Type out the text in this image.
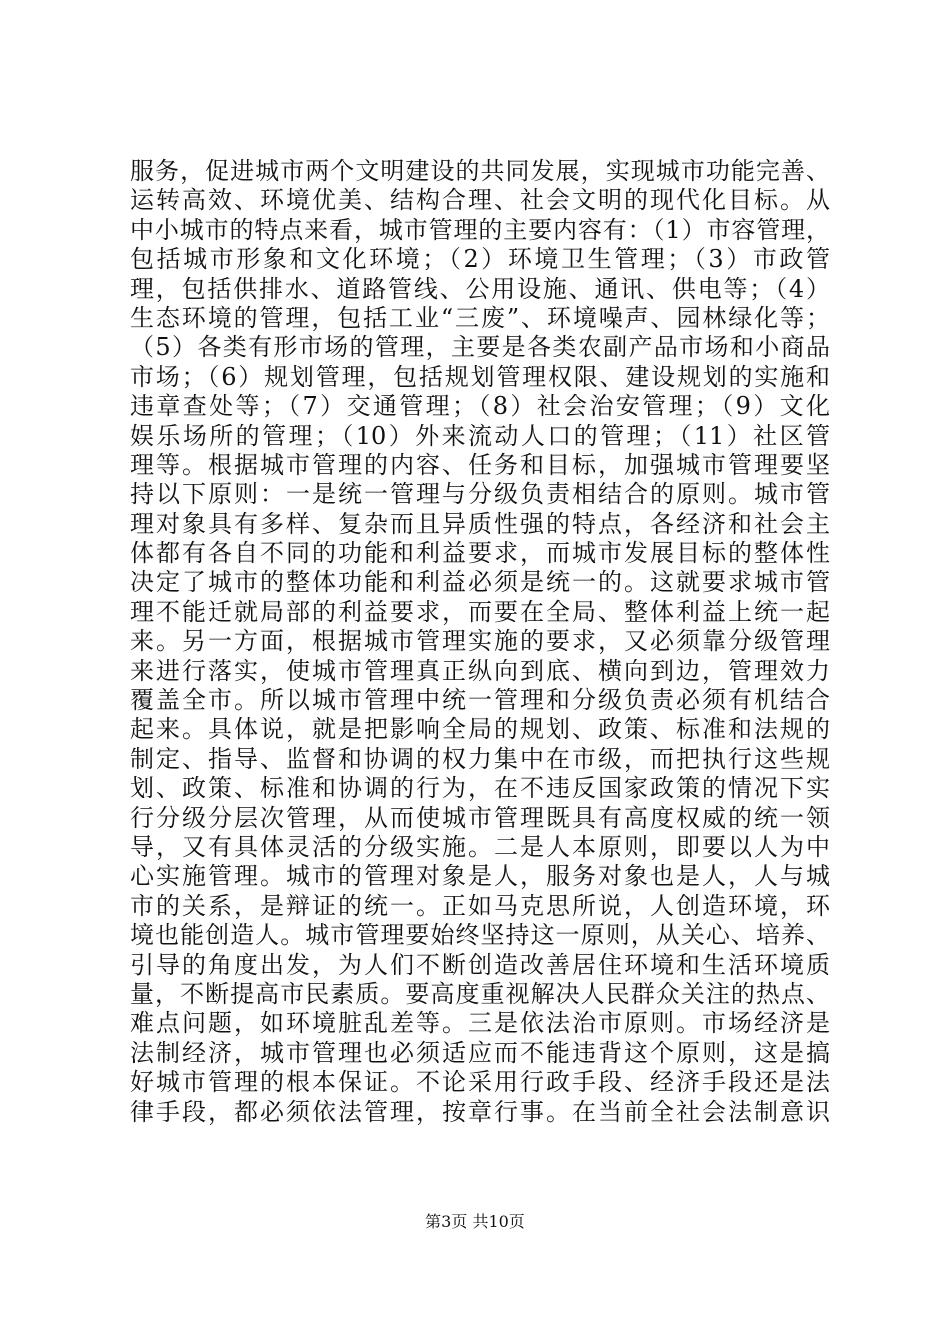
服务，促进城市两个文明建设的共同发展，实现城市功能完善、
运转高效、环境优美、结构合理、社会文明的现代化目标。从
中小城市的特点来看，城市管理的主要内容有：（1）市容管理，
包括城市形象和文化环境；（2）环境卫生管理；（3）市政管
理，包括供排水、道路管线、公用设施、通讯、供电等；（4）
生态环境的管理，包括工业“三废”、环境噪声、园林绿化等；
（5）各类有形市场的管理，主要是各类农副产品市场和小商品
市场；（6）规划管理，包括规划管理权限、建设规划的实施和
违章查处等；（7）交通管理；（8）社会治安管理；（9）文化
娱乐场所的管理；（10）外来流动人口的管理；（11）社区管
理等。根据城市管理的内容、任务和目标，加强城市管理要坚
持以下原则：一是统一管理与分级负责相结合的原则。城市管
理对象具有多样、复杂而且异质性强的特点，各经济和社会主
体都有各自不同的功能和利益要求，而城市发展目标的整体性
决定了城市的整体功能和利益必须是统一的。这就要求城市管
理不能迁就局部的利益要求，而要在全局、整体利益上统一起
来。另一方面，根据城市管理实施的要求，又必须靠分级管理
来进行落实，使城市管理真正纵向到底、横向到边，管理效力
覆盖全市。所以城市管理中统一管理和分级负责必须有机结合
起来。具体说，就是把影响全局的规划、政策、标准和法规的
制定、指导、监督和协调的权力集中在市级，而把执行这些规
划、政策、标准和协调的行为，在不违反国家政策的情况下实
行分级分层次管理，从而使城市管理既具有高度权威的统一领
导，又有具体灵活的分级实施。二是人本原则，即要以人为中
心实施管理。城市的管理对象是人，服务对象也是人，人与城
市的关系，是辩证的统一。正如马克思所说，人创造环境，环
境也能创造人。城市管理要始终坚持这一原则，从关心、培养、
引导的角度出发，为人们不断创造改善居住环境和生活环境质
量，不断提高市民素质。要高度重视解决人民群众关注的热点、
难点问题，如环境脏乱差等。三是依法治市原则。市场经济是
法制经济，城市管理也必须适应而不能违背这个原则，这是搞
好城市管理的根本保证。不论采用行政手段、经济手段还是法
律手段，都必须依法管理，按章行事。在当前全社会法制意识
第3页 共10页
